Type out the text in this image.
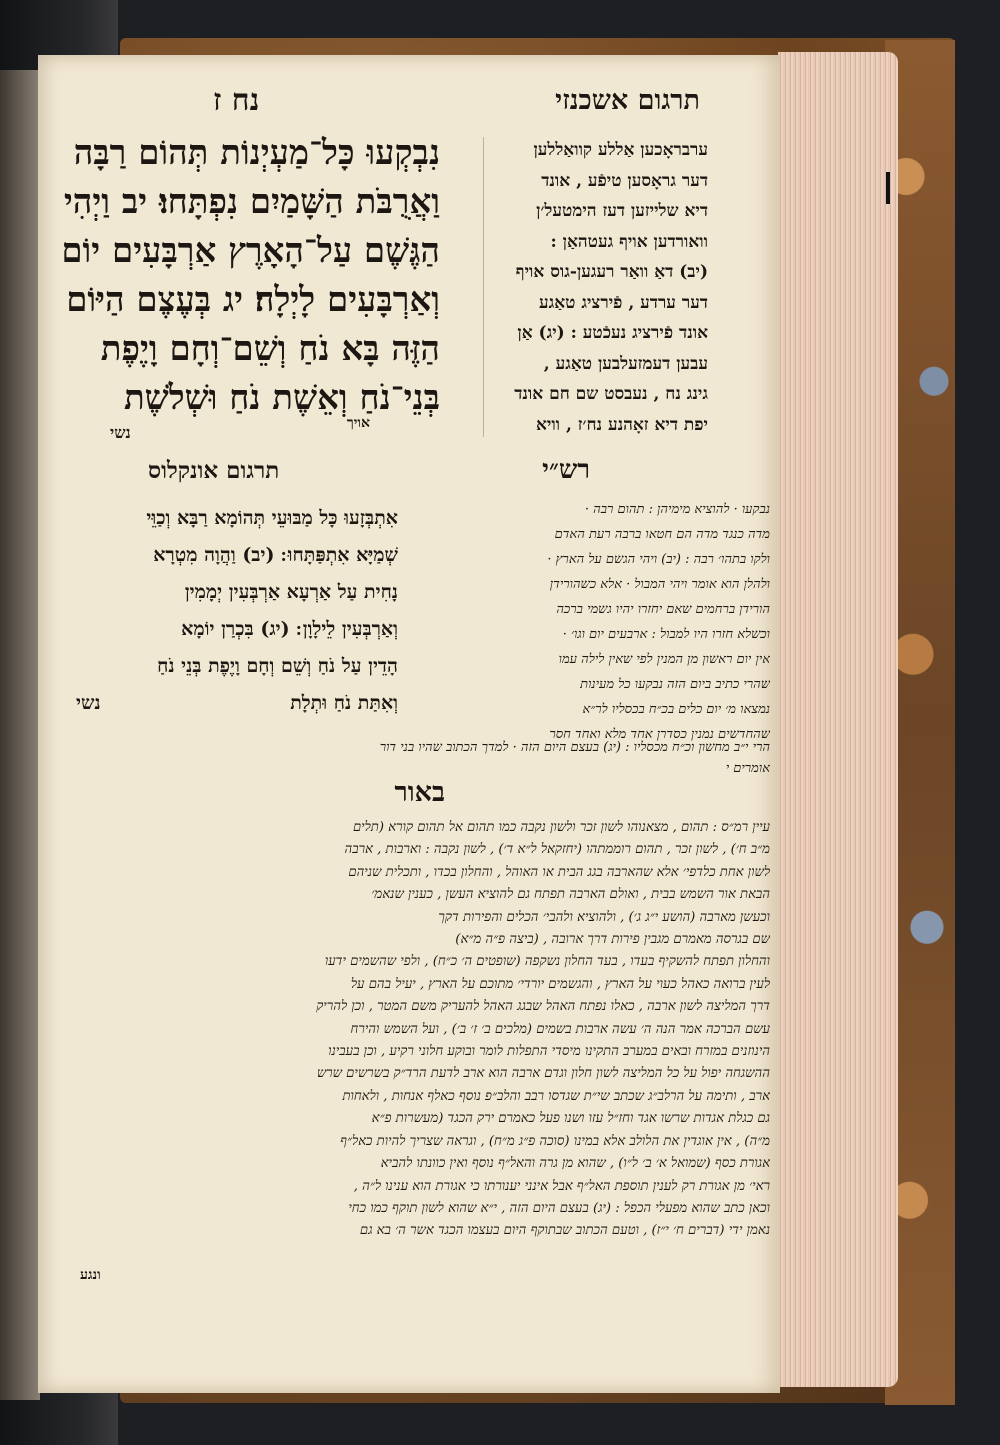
תרגום אשכנזי
נח ז
ערבראָכען אַללע קוואַללען
דער גראָסען טיפֿע , אונד
דיא שלייזען דעז הימטעל׳ן
וואורדען אויף געטהאַן :
(יב) דאַ וואַר רעגען-גוס אויף
דער ערדע , פֿירציג טאַגע
אונד פֿירציג נעכֿטע : (יג) אַן
עבען דעמזעלבען טאַגע ,
גינג נח , נעבסט שם חם אונד
יפת דיא זאָהנע נח׳ז , וויא
אויך
נִבְקְעוּ כָּל־מַעְיְנוֹת תְּהוֹם רַבָּה
וַאֲרֻבֹּת הַשָּׁמַיִם נִפְתָּחוּ׃ יב וַיְהִי
הַגֶּשֶׁם עַל־הָאָרֶץ אַרְבָּעִים יוֹם
וְאַרְבָּעִים לָיְלָה׃ יג בְּעֶצֶם הַיּוֹם
הַזֶּה בָּא נֹחַ וְשֵׁם־וְחָם וָיֶפֶת
בְּנֵי־נֹחַ וְאֵשֶׁת נֹחַ וּשְׁלֹשֶׁת
נשי
רש״י
תרגום אונקלוס
נבקעו · להוציא מימיהן : תהום רבה ·
מדה כנגד מדה הם חטאו ברבה רעת האדם
ולקו בתהו׳ רבה : (יב) ויהי הגשם על הארץ ·
ולהלן הוא אומר ויהי המבול · אלא כשהורידן
הורידן ברחמים שאם יחזרו יהיו גשמי ברכה
וכשלא חזרו היו למבול : ארבעים יום וגו׳ ·
אין יום ראשון מן המנין לפי שאין לילה עמו
שהרי כתיב ביום הזה נבקעו כל מעינות
נמצאו מ׳ יום כלים בכ״ח בכסליו לר״א
שהחדשים נמנין כסדרן אחד מלא ואחד חסר
אִתְבְּזָעוּ כָּל מַבּוּעֵי תְּהוֹמָא רַבָּא וְכַוֵּי
שְׁמַיָּא אִתְפַּתָּחוּ ׃ (יב) וַהֲוָה מִטְרָא
נָחִית עַל אַרְעָא אַרְבְּעִין יְמָמִין
וְאַרְבְּעִין לֵילָוָן ׃ (יג) בִּכְרַן יוֹמָא
הָדֵין עַל נֹחַ וְשֵׁם וְחָם וָיֶפֶת בְּנֵי נֹחַ
וְאִתַּת נֹחַ וּתְלָת
נשי
הרי י״ב מחשון וכ״ח מכסליו : (יג) בעצם היום הזה · למדך הכתוב שהיו בני דור
אומרים י
באור
עיין רמ״ס : תהום , מצאנוהו לשון זכר ולשון נקבה כמו תהום אל תהום קורא (תלים
מ״ב ח׳) , לשון זכר , תהום רוממתהו (יחזקאל ל״א ד׳) , לשון נקבה : וארבות , ארבה
לשון אחת כלדפי׳ אלא שהארבה בגג הבית או האוהל , והחלון בכדו , ותכלית שניהם
הבאת אור השמש בבית , ואולם הארבה תפתח גם להוציא העשן , כענין שנאמ׳
וכעשן מארבה (הושע י״ג ג׳) , ולהוציא ולהבי׳ הכלים והפירות דקך
שם בגרסה מאמרם מגבין פירות דרך ארובה , (ביצה פ״ה מ״א)
והחלון תפתח להשקיף בעדו , בעד החלון נשקפה (שופטים ה׳ כ״ח) , ולפי שהשמים ידעו
לעין ברואה כאהל כעוי על הארץ , והגשמים יורדי׳ מתוכם על הארץ , יעיל בהם על
דרך המליצה לשון ארבה , כאלו נפתח האהל שבגג האהל להעריק משם המטר , וכן להריק
עשם הברכה אמר הנה ה׳ עשה ארבות בשמים (מלכים ב׳ ז׳ ב׳) , ועל השמש והירח
הינוזנים במזרח ובאים במערב התקינו מיסדי התפלות לומר ובוקע חלוני רקיע , וכן בעבינו
ההשגחה יפול על כל המליצה לשון חלון וגדם ארבה הוא ארב לדעת הרד״ק בשרשים שרש
ארב , ותימה על הרלב״ג שכתב שי״ת שגדסו רבב והלב״פ נוסף כאלף אנחות , ולאחות
גם כגלת אגדות שרשו אגד וחז״ל עזו ושנו פעל כאמרם ירק הכגד (מעשרות פ״א
מ״ה) , אין אוגדין את הלולב אלא במינו (סוכה פ״ג מ״ח) , וגראה שצריך להיות כאל״ף
אגורת כסף (שמואל א׳ ב׳ ל״ו) , שהוא מן גרה והאל״ף נוסף ואין כוונתו להביא
ראי׳ מן אגורת רק לענין תוספת האל״ף אבל אינני יענורתו כי אגורת הוא ענינו ל״ה ,
וכאן כתב שהוא מפעלי הכפל : (יג) בעצם היום הזה , י״א שהוא לשון תוקף כמו כחי
נאמן ידי (דברים ח׳ י״ז) , וטעם הכתוב שבתוקף היום בעצמו הכגד אשר ה׳ בא גם
ונגע
